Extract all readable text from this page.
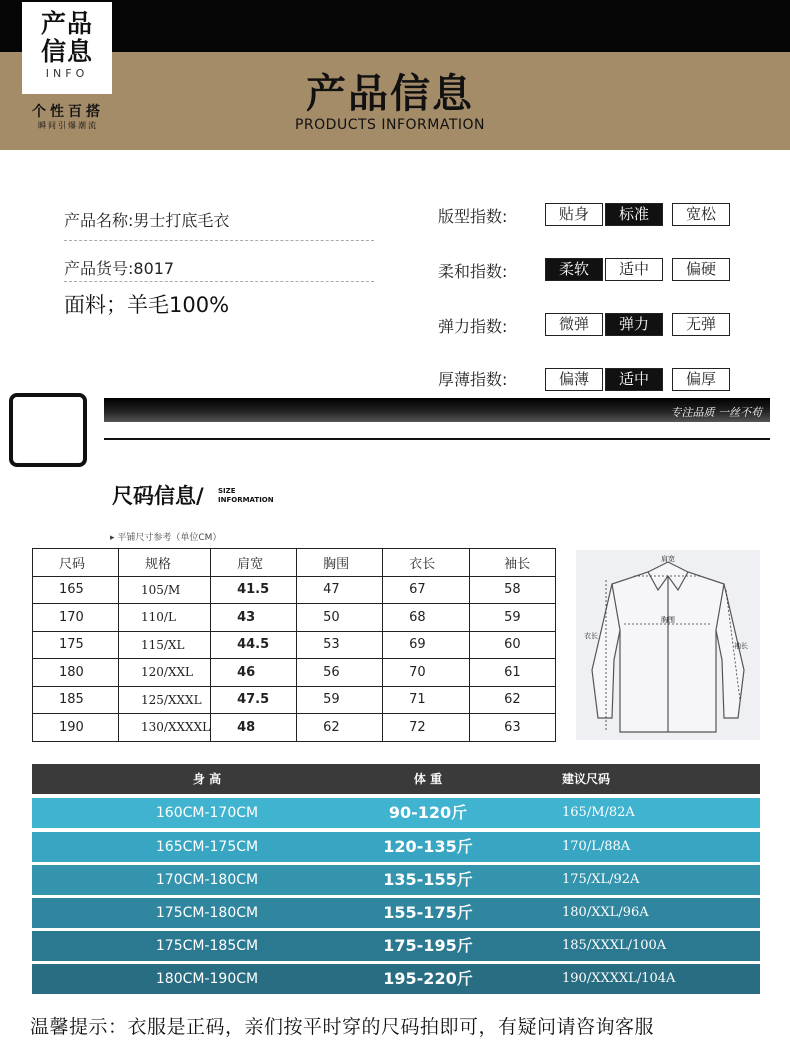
产品
信息
INFO
个性百搭
瞬间引爆潮流
产品信息
PRODUCTS INFORMATION
产品名称:男士打底毛衣
产品货号:8017
面料；羊毛100%
版型指数:	贴身	标准	宽松
柔和指数:	柔软	适中	偏硬
弹力指数:	微弹	弹力	无弹
厚薄指数:	偏薄	适中	偏厚
专注品质 一丝不苟
尺码信息/ SIZE
INFORMATION
▸ 平铺尺寸参考（单位CM）
尺码	规格	肩宽	胸围	衣长	袖长
165	105/M	41.5	47	67	58
170	110/L	43	50	68	59
175	115/XL	44.5	53	69	60
180	120/XXL	46	56	70	61
185	125/XXXL	47.5	59	71	62
190	130/XXXXL	48	62	72	63
肩宽
胸围
衣长
袖长
身 高	体 重	建议尺码
160CM-170CM	90-120斤	165/M/82A
165CM-175CM	120-135斤	170/L/88A
170CM-180CM	135-155斤	175/XL/92A
175CM-180CM	155-175斤	180/XXL/96A
175CM-185CM	175-195斤	185/XXXL/100A
180CM-190CM	195-220斤	190/XXXXL/104A
温馨提示：衣服是正码，亲们按平时穿的尺码拍即可，有疑问请咨询客服
